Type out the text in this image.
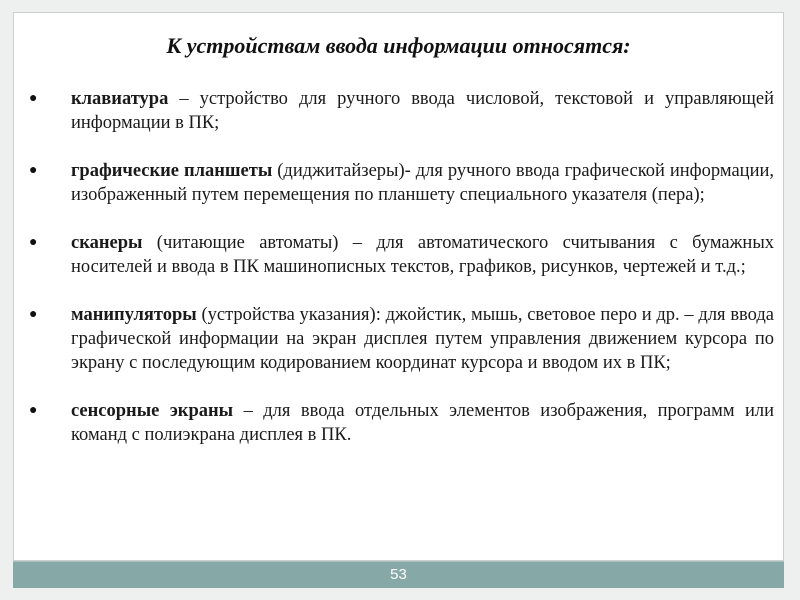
К устройствам ввода информации относятся:
●	клавиатура – устройство для ручного ввода числовой, текстовой и управляющей информации в ПК;
●	графические планшеты (диджитайзеры)- для ручного ввода графической информации, изображенный путем перемещения по планшету специального указателя (пера);
●	сканеры (читающие автоматы) – для автоматического считывания с бумажных носителей и ввода в ПК машинописных текстов, графиков, рисунков, чертежей и т.д.;
●	манипуляторы (устройства указания): джойстик, мышь, световое перо и др. – для ввода графической информации на экран дисплея путем управления движением курсора по экрану с последующим кодированием координат курсора и вводом их в ПК;
●	сенсорные экраны – для ввода отдельных элементов изображения, программ или команд с полиэкрана дисплея в ПК.
53
